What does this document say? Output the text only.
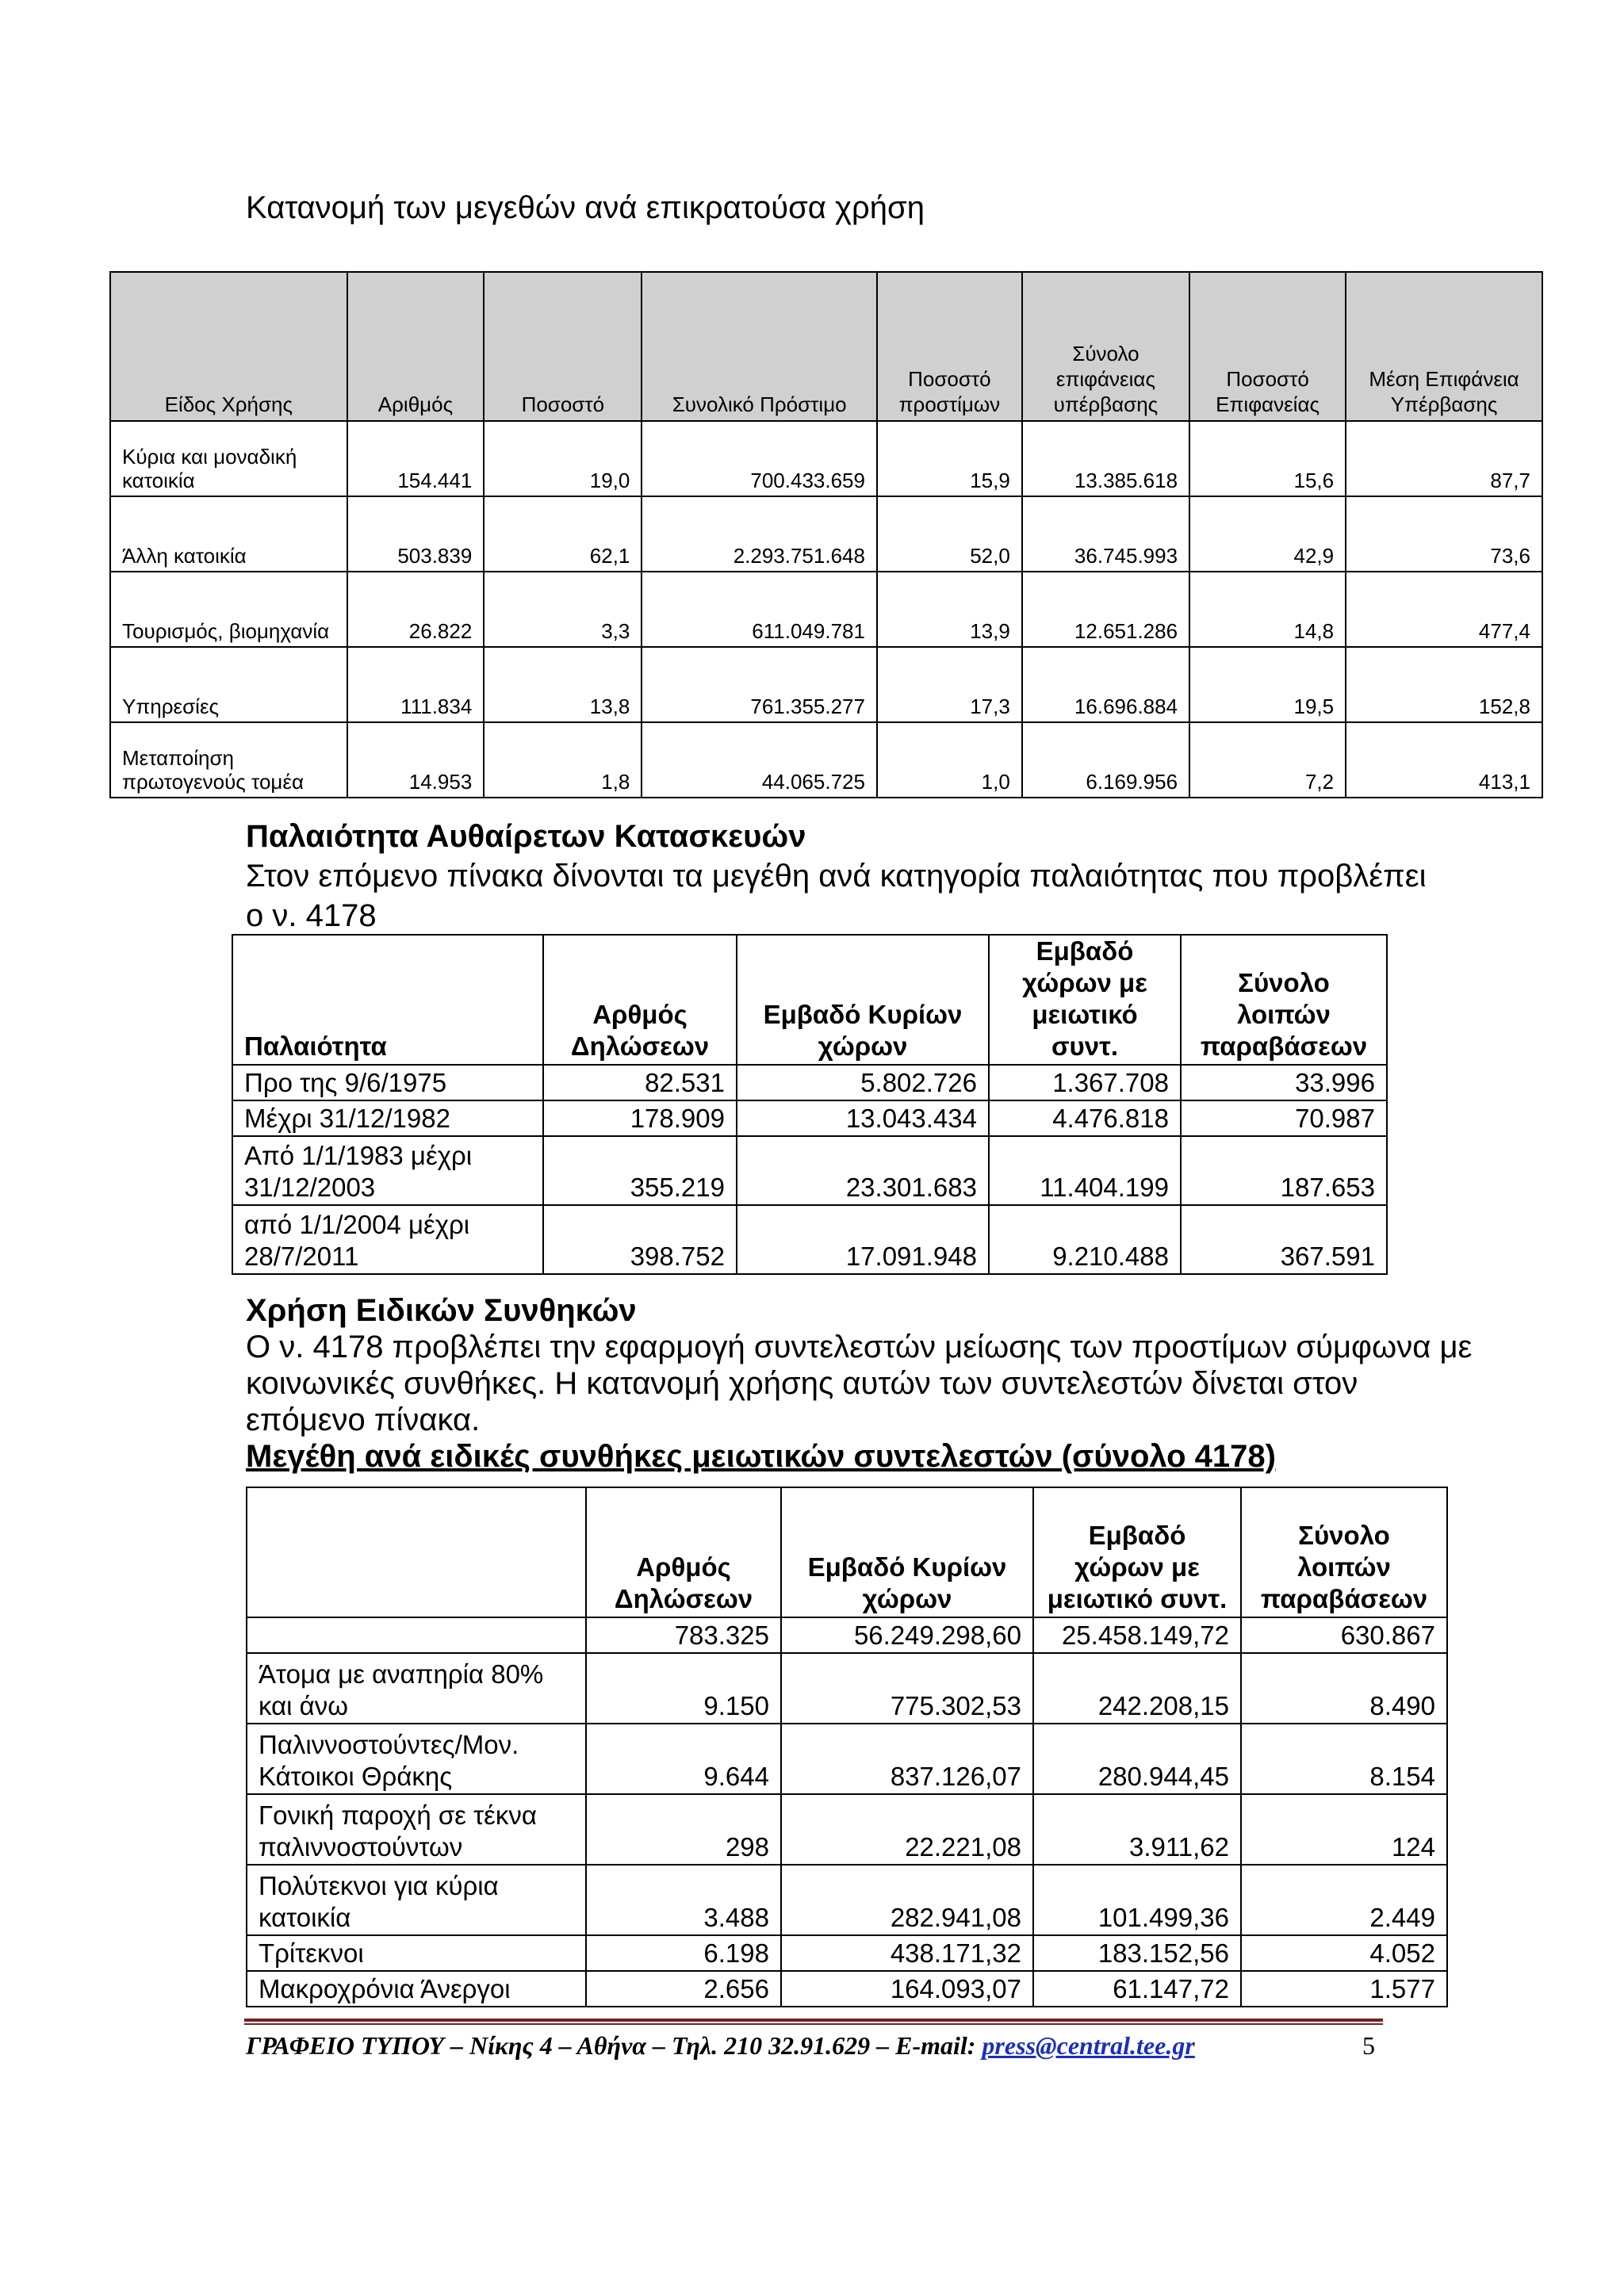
Κατανομή των μεγεθών ανά επικρατούσα χρήση
Είδος Χρήσης	Αριθμός	Ποσοστό	Συνολικό Πρόστιμο	Ποσοστό προστίμων	Σύνολο επιφάνειας υπέρβασης	Ποσοστό Επιφανείας	Μέση Επιφάνεια Υπέρβασης
Κύρια και μοναδική κατοικία	154.441	19,0	700.433.659	15,9	13.385.618	15,6	87,7
Άλλη κατοικία	503.839	62,1	2.293.751.648	52,0	36.745.993	42,9	73,6
Τουρισμός, βιομηχανία	26.822	3,3	611.049.781	13,9	12.651.286	14,8	477,4
Υπηρεσίες	111.834	13,8	761.355.277	17,3	16.696.884	19,5	152,8
Μεταποίηση πρωτογενούς τομέα	14.953	1,8	44.065.725	1,0	6.169.956	7,2	413,1
Παλαιότητα Αυθαίρετων Κατασκευών
Στον επόμενο πίνακα δίνονται τα μεγέθη ανά κατηγορία παλαιότητας που προβλέπει ο ν. 4178
Παλαιότητα	Αρθμός Δηλώσεων	Εμβαδό Κυρίων χώρων	Εμβαδό χώρων με μειωτικό συντ.	Σύνολο λοιπών παραβάσεων
Προ της 9/6/1975	82.531	5.802.726	1.367.708	33.996
Μέχρι 31/12/1982	178.909	13.043.434	4.476.818	70.987
Από 1/1/1983 μέχρι 31/12/2003	355.219	23.301.683	11.404.199	187.653
από 1/1/2004 μέχρι 28/7/2011	398.752	17.091.948	9.210.488	367.591
Χρήση Ειδικών Συνθηκών
Ο ν. 4178 προβλέπει την εφαρμογή συντελεστών μείωσης των προστίμων σύμφωνα με κοινωνικές συνθήκες. Η κατανομή χρήσης αυτών των συντελεστών δίνεται στον επόμενο πίνακα.
Μεγέθη ανά ειδικές συνθήκες μειωτικών συντελεστών (σύνολο 4178)
	Αρθμός Δηλώσεων	Εμβαδό Κυρίων χώρων	Εμβαδό χώρων με μειωτικό συντ.	Σύνολο λοιπών παραβάσεων
	783.325	56.249.298,60	25.458.149,72	630.867
Άτομα με αναπηρία 80% και άνω	9.150	775.302,53	242.208,15	8.490
Παλιννοστούντες/Μον. Κάτοικοι Θράκης	9.644	837.126,07	280.944,45	8.154
Γονική παροχή σε τέκνα παλιννοστούντων	298	22.221,08	3.911,62	124
Πολύτεκνοι για κύρια κατοικία	3.488	282.941,08	101.499,36	2.449
Τρίτεκνοι	6.198	438.171,32	183.152,56	4.052
Μακροχρόνια Άνεργοι	2.656	164.093,07	61.147,72	1.577
ΓΡΑΦΕΙΟ ΤΥΠΟΥ – Νίκης 4 – Αθήνα – Τηλ. 210 32.91.629 – E-mail: press@central.tee.gr	5
